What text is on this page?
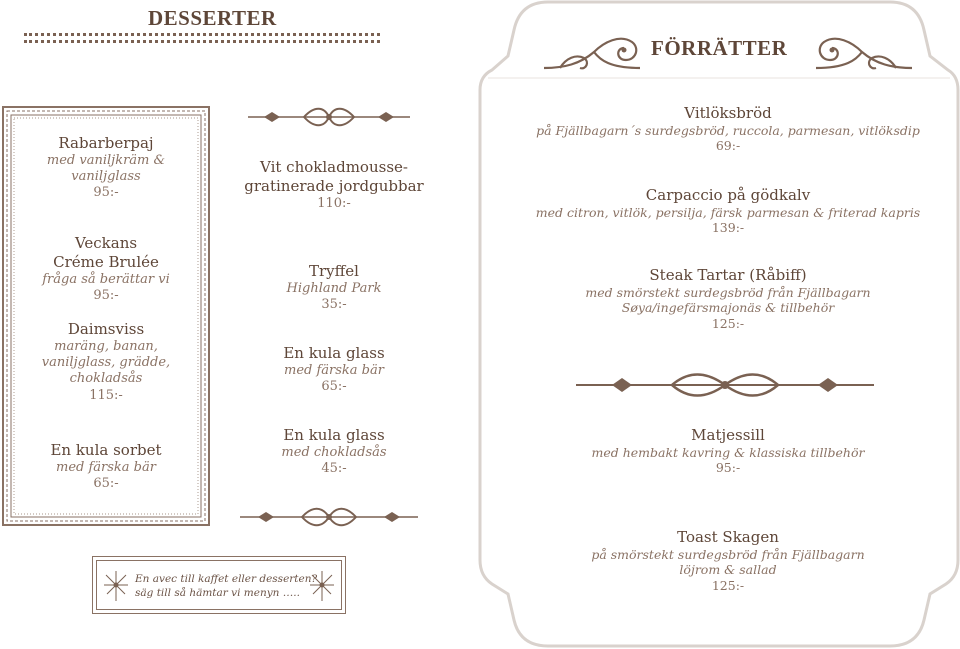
DESSERTER
Rabarberpaj
med vaniljkräm &
vaniljglass
95:-
Veckans
Créme Brulée
fråga så berättar vi
95:-
Daimsviss
maräng, banan,
vaniljglass, grädde,
chokladsås
115:-
En kula sorbet
med färska bär
65:-
Vit chokladmousse-
gratinerade jordgubbar
110:-
Tryffel
Highland Park
35:-
En kula glass
med färska bär
65:-
En kula glass
med chokladsås
45:-
En avec till kaffet eller desserten?
säg till så hämtar vi menyn …..
FÖRRÄTTER
Vitlöksbröd
på Fjällbagarn´s surdegsbröd, ruccola, parmesan, vitlöksdip
69:-
Carpaccio på gödkalv
med citron, vitlök, persilja, färsk parmesan & friterad kapris
139:-
Steak Tartar (Råbiff)
med smörstekt surdegsbröd från Fjällbagarn
Søya/ingefärsmajonäs & tillbehör
125:-
Matjessill
med hembakt kavring & klassiska tillbehör
95:-
Toast Skagen
på smörstekt surdegsbröd från Fjällbagarn
löjrom & sallad
125:-
